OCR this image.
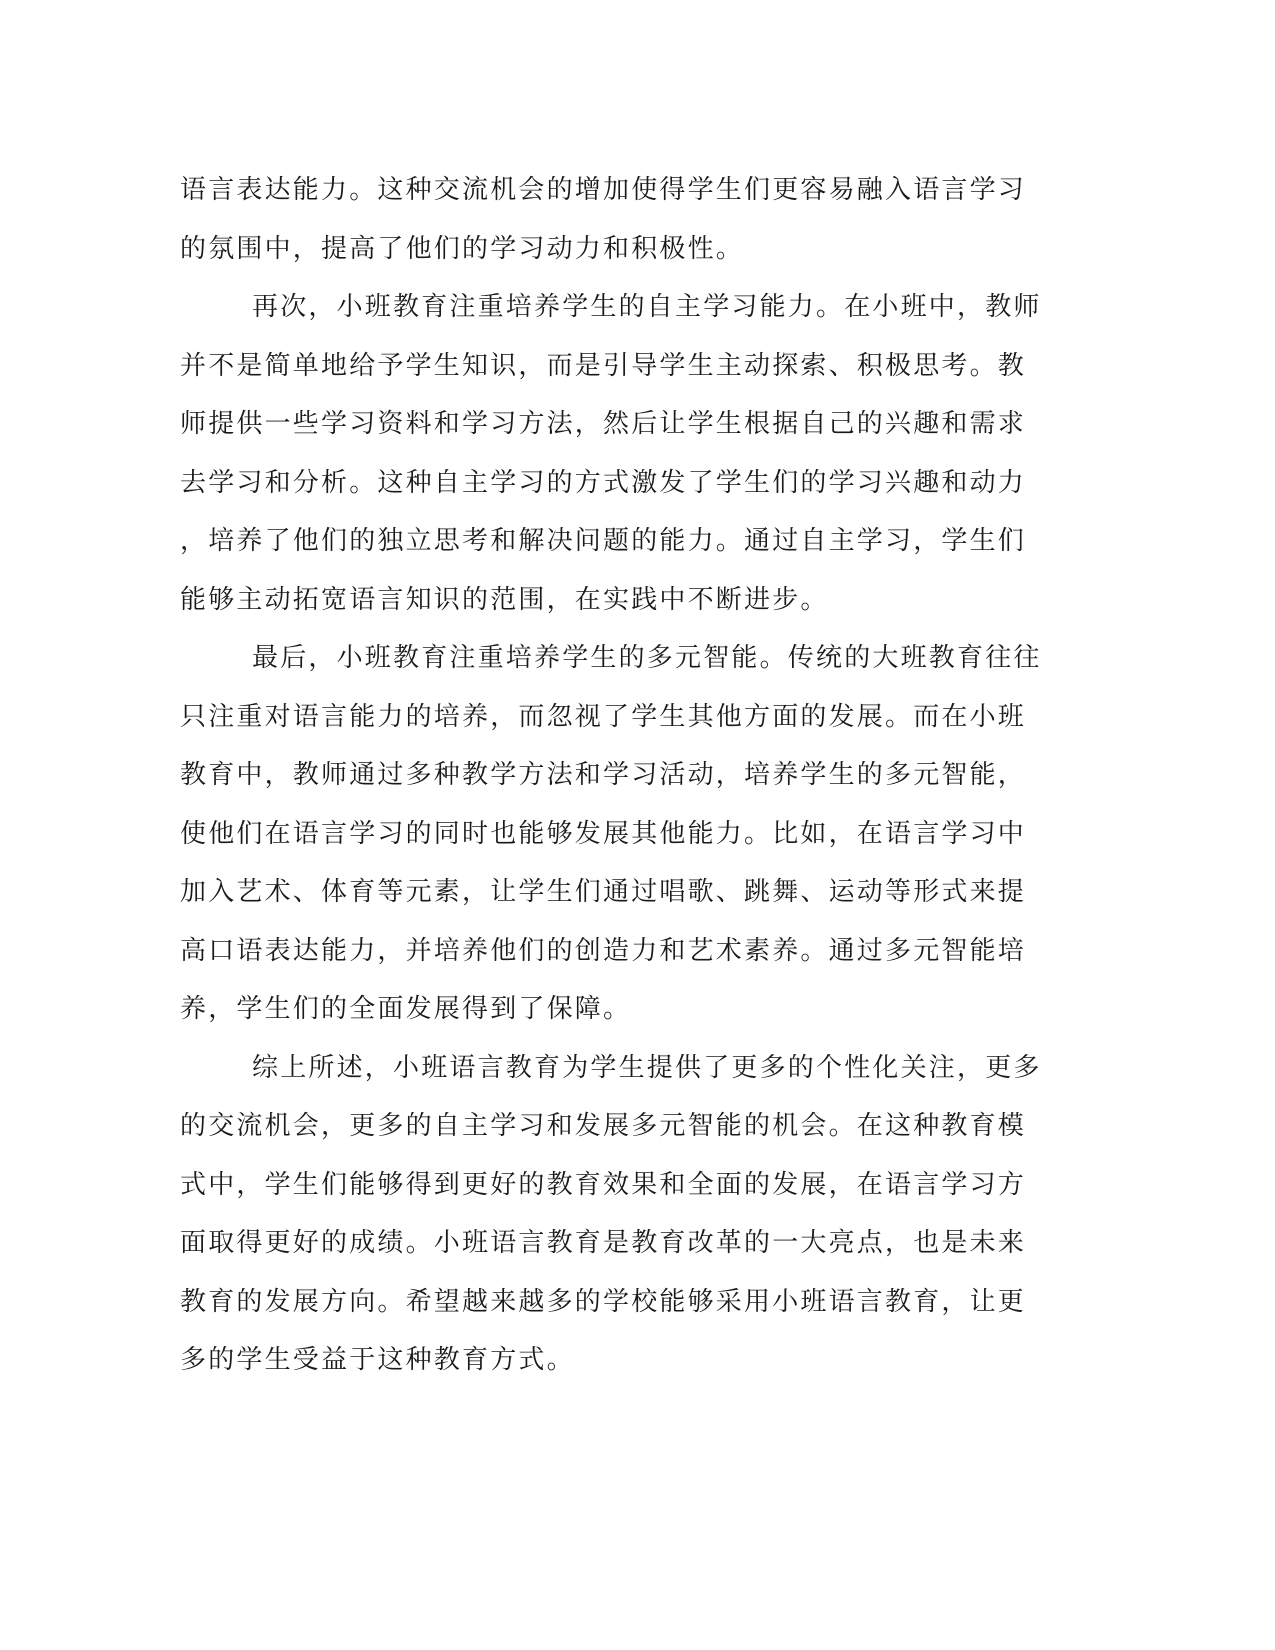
语言表达能力。这种交流机会的增加使得学生们更容易融入语言学习
的氛围中，提高了他们的学习动力和积极性。
再次，小班教育注重培养学生的自主学习能力。在小班中，教师
并不是简单地给予学生知识，而是引导学生主动探索、积极思考。教
师提供一些学习资料和学习方法，然后让学生根据自己的兴趣和需求
去学习和分析。这种自主学习的方式激发了学生们的学习兴趣和动力
，培养了他们的独立思考和解决问题的能力。通过自主学习，学生们
能够主动拓宽语言知识的范围，在实践中不断进步。
最后，小班教育注重培养学生的多元智能。传统的大班教育往往
只注重对语言能力的培养，而忽视了学生其他方面的发展。而在小班
教育中，教师通过多种教学方法和学习活动，培养学生的多元智能，
使他们在语言学习的同时也能够发展其他能力。比如，在语言学习中
加入艺术、体育等元素，让学生们通过唱歌、跳舞、运动等形式来提
高口语表达能力，并培养他们的创造力和艺术素养。通过多元智能培
养，学生们的全面发展得到了保障。
综上所述，小班语言教育为学生提供了更多的个性化关注，更多
的交流机会，更多的自主学习和发展多元智能的机会。在这种教育模
式中，学生们能够得到更好的教育效果和全面的发展，在语言学习方
面取得更好的成绩。小班语言教育是教育改革的一大亮点，也是未来
教育的发展方向。希望越来越多的学校能够采用小班语言教育，让更
多的学生受益于这种教育方式。
